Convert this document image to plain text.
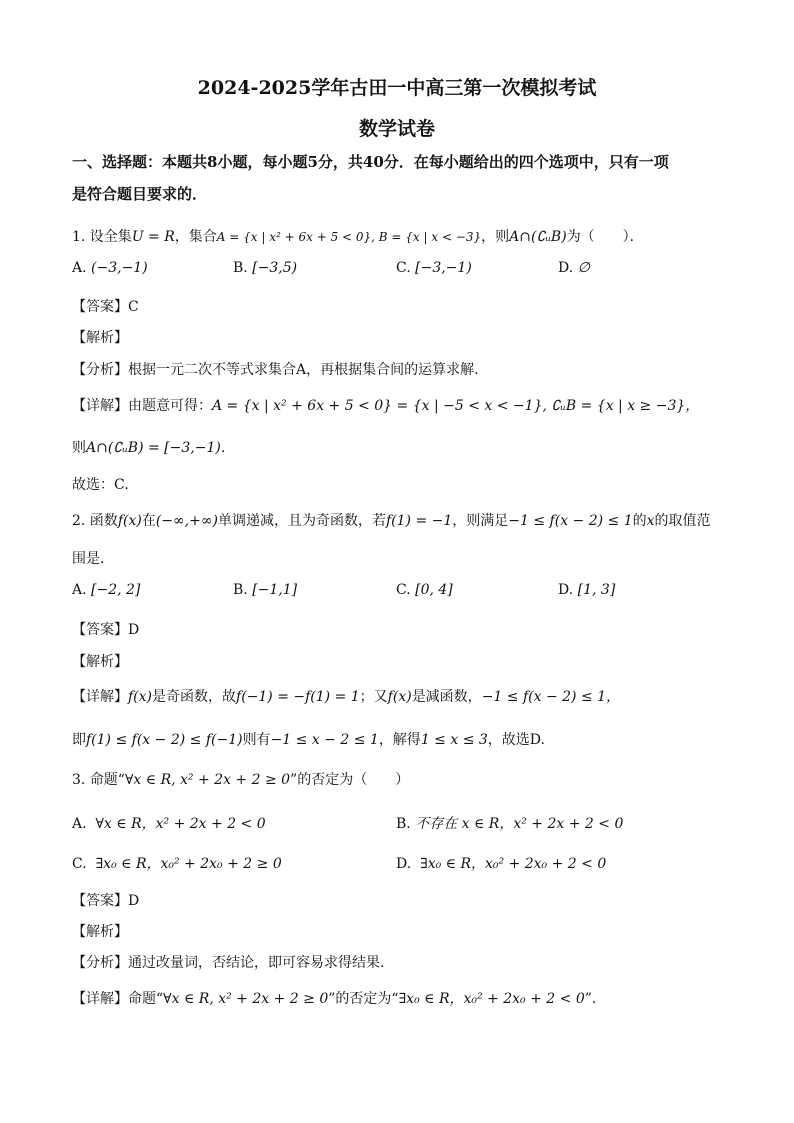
2024-2025学年古田一中高三第一次模拟考试
数学试卷
一、选择题：本题共8小题，每小题5分，共40分．在每小题给出的四个选项中，只有一项
是符合题目要求的．
1. 设全集U = R，集合A = {x | x² + 6x + 5 < 0}, B = {x | x < −3}，则A∩(∁ᵤB)为（　　）．
A. (−3,−1)	B. [−3,5)	C. [−3,−1)	D. ∅
【答案】C
【解析】
【分析】根据一元二次不等式求集合A，再根据集合间的运算求解.
【详解】由题意可得：A = {x | x² + 6x + 5 < 0} = {x | −5 < x < −1}, ∁ᵤB = {x | x ≥ −3}，
则A∩(∁ᵤB) = [−3,−1).
故选：C.
2. 函数f(x)在(−∞,+∞)单调递减，且为奇函数，若f(1) = −1，则满足−1 ≤ f(x − 2) ≤ 1的x的取值范
围是．
A. [−2, 2]	B. [−1,1]	C. [0, 4]	D. [1, 3]
【答案】D
【解析】
【详解】f(x)是奇函数，故f(−1) = −f(1) = 1；又f(x)是减函数，−1 ≤ f(x − 2) ≤ 1，
即f(1) ≤ f(x − 2) ≤ f(−1)则有−1 ≤ x − 2 ≤ 1，解得1 ≤ x ≤ 3，故选D.
3. 命题“∀x ∈ R, x² + 2x + 2 ≥ 0”的否定为（　　）
A. ∀x ∈ R，x² + 2x + 2 < 0	B. 不存在 x ∈ R，x² + 2x + 2 < 0
C. ∃x₀ ∈ R，x₀² + 2x₀ + 2 ≥ 0	D. ∃x₀ ∈ R，x₀² + 2x₀ + 2 < 0
【答案】D
【解析】
【分析】通过改量词，否结论，即可容易求得结果.
【详解】命题“∀x ∈ R, x² + 2x + 2 ≥ 0”的否定为“∃x₀ ∈ R，x₀² + 2x₀ + 2 < 0”．
